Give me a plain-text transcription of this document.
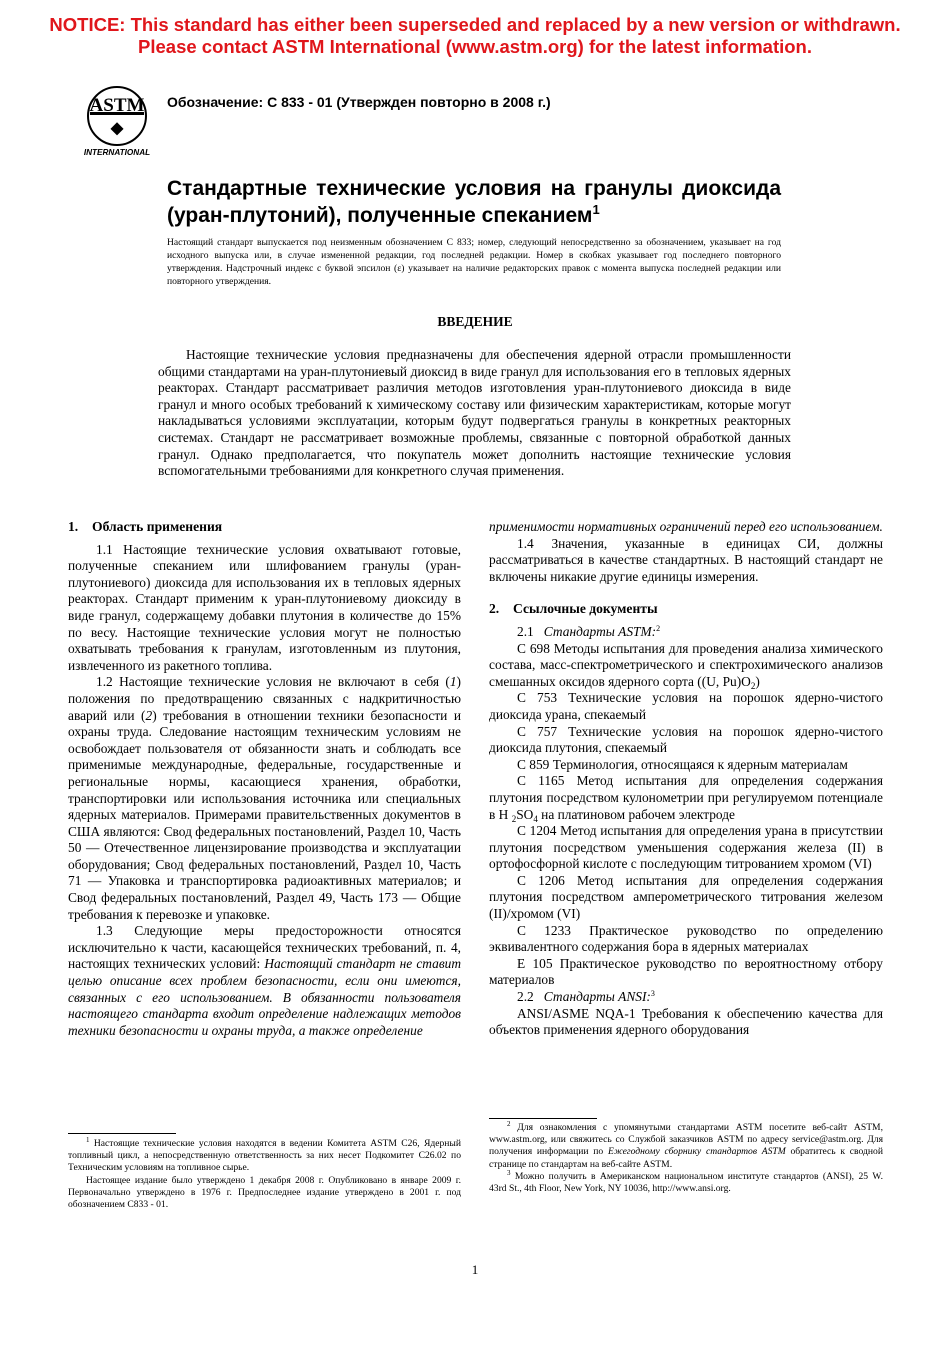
NOTICE: This standard has either been superseded and replaced by a new version or withdrawn.
Please contact ASTM International (www.astm.org) for the latest information.
ASTM
◆
INTERNATIONAL
Обозначение: C 833 - 01 (Утвержден повторно в 2008 г.)
Стандартные технические условия на гранулы диоксида (уран-плутоний), полученные спеканием$^1$
Настоящий стандарт выпускается под неизменным обозначением С 833; номер, следующий непосредственно за обозначением, указывает на год исходного выпуска или, в случае измененной редакции, год последней редакции. Номер в скобках указывает год последнего повторного утверждения. Надстрочный индекс с буквой эпсилон (ε) указывает на наличие редакторских правок с момента выпуска последней редакции или повторного утверждения.
ВВЕДЕНИЕ

Настоящие технические условия предназначены для обеспечения ядерной отрасли промышленности общими стандартами на уран-плутониевый диоксид в виде гранул для использования его в тепловых ядерных реакторах. Стандарт рассматривает различия методов изготовления уран-плутониевого диоксида в виде гранул и много особых требований к химическому составу или физическим характеристикам, которые могут накладываться условиями эксплуатации, которым будут подвергаться гранулы в конкретных реакторных системах. Стандарт не рассматривает возможные проблемы, связанные с повторной обработкой данных гранул. Однако предполагается, что покупатель может дополнить настоящие технические условия вспомогательными требованиями для конкретного случая применения.

1. Область применения

1.1 Настоящие технические условия охватывают готовые, полученные спеканием или шлифованием гранулы (уран-плутониевого) диоксида для использования их в тепловых ядерных реакторах. Стандарт применим к уран-плутониевому диоксиду в виде гранул, содержащему добавки плутония в количестве до 15% по весу. Настоящие технические условия могут не полностью охватывать требования к гранулам, изготовленным из плутония, извлеченного из ракетного топлива.

1.2 Настоящие технические условия не включают в себя (1) положения по предотвращению связанных с надкритичностью аварий или (2) требования в отношении техники безопасности и охраны труда. Следование настоящим техническим условиям не освобождает пользователя от обязанности знать и соблюдать все применимые международные, федеральные, государственные и региональные нормы, касающиеся хранения, обработки, транспортировки или использования источника или специальных ядерных материалов. Примерами правительственных документов в США являются: Свод федеральных постановлений, Раздел 10, Часть 50 — Отечественное лицензирование производства и эксплуатации оборудования; Свод федеральных постановлений, Раздел 10, Часть 71 — Упаковка и транспортировка радиоактивных материалов; и Свод федеральных постановлений, Раздел 49, Часть 173 — Общие требования к перевозке и упаковке.

1.3 Следующие меры предосторожности относятся исключительно к части, касающейся технических требований, п. 4, настоящих технических условий: Настоящий стандарт не ставит целью описание всех проблем безопасности, если они имеются, связанных с его использованием. В обязанности пользователя настоящего стандарта входит определение надлежащих методов техники безопасности и охраны труда, а также определение

$^1$ Настоящие технические условия находятся в ведении Комитета ASTM C26, Ядерный топливный цикл, а непосредственную ответственность за них несет Подкомитет C26.02 по Техническим условиям на топливное сырье.

Настоящее издание было утверждено 1 декабря 2008 г. Опубликовано в январе 2009 г. Первоначально утверждено в 1976 г. Предпоследнее издание утверждено в 2001 г. под обозначением C833 - 01.

применимости нормативных ограничений перед его использованием.

1.4 Значения, указанные в единицах СИ, должны рассматриваться в качестве стандартных. В настоящий стандарт не включены никакие другие единицы измерения.

2. Ссылочные документы

2.1 Стандарты ASTM:$^2$

C 698 Методы испытания для проведения анализа химического состава, масс-спектрометрического и спектрохимического анализов смешанных оксидов ядерного сорта ((U, $Pu)O_2$)

C 753 Технические условия на порошок ядерно-чистого диоксида урана, спекаемый

C 757 Технические условия на порошок ядерно-чистого диоксида плутония, спекаемый

C 859 Терминология, относящаяся к ядерным материалам

C 1165 Метод испытания для определения содержания плутония посредством кулонометрии при регулируемом потенциале в H $_2SO_4$ на платиновом рабочем электроде

C 1204 Метод испытания для определения урана в присутствии плутония посредством уменьшения содержания железа (II) в ортофосфорной кислоте с последующим титрованием хромом (VI)

C 1206 Метод испытания для определения содержания плутония посредством амперометрического титрования железом (II)/хромом (VI)

C 1233 Практическое руководство по определению эквивалентного содержания бора в ядерных материалах

E 105 Практическое руководство по вероятностному отбору материалов

2.2 Стандарты ANSI:$^3$

ANSI/ASME NQA-1 Требования к обеспечению качества для объектов применения ядерного оборудования

$^2$ Для ознакомления с упомянутыми стандартами ASTM посетите веб-сайт ASTM, www.astm.org, или свяжитесь со Службой заказчиков ASTM по адресу service@astm.org. Для получения информации по Ежегодному сборнику стандартов ASTM обратитесь к сводной странице по стандартам на веб-сайте ASTM.

$^3$ Можно получить в Американском национальном институте стандартов (ANSI), 25 W. 43rd St., 4th Floor, New York, NY 10036, http://www.ansi.org.

1
